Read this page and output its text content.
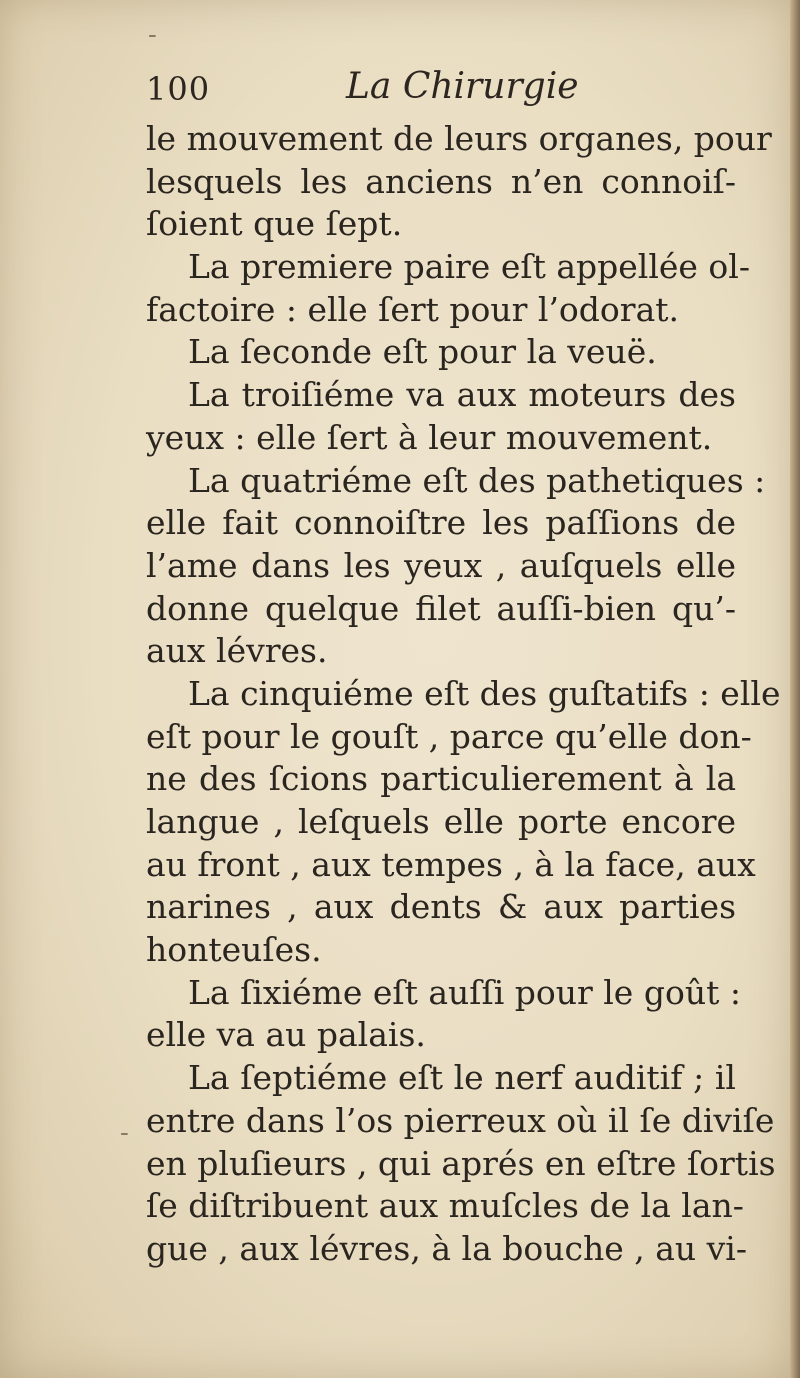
100	La Chirurgie
le mouvement de leurs organes, pour
lesquels les anciens n’en connoiſ-
ſoient que ſept.
La premiere paire eſt appellée ol-
factoire : elle ſert pour l’odorat.
La ſeconde eſt pour la veuë.
La troiſiéme va aux moteurs des
yeux : elle ſert à leur mouvement.
La quatriéme eſt des pathetiques :
elle fait connoiſtre les paſſions de
l’ame dans les yeux , auſquels elle
donne quelque filet auſſi-bien qu’-
aux lévres.
La cinquiéme eſt des guſtatifs : elle
eſt pour le gouſt , parce qu’elle don-
ne des ſcions particulierement à la
langue , leſquels elle porte encore
au front , aux tempes , à la face, aux
narines , aux dents & aux parties
honteuſes.
La ſixiéme eſt auſſi pour le goût :
elle va au palais.
La ſeptiéme eſt le nerf auditif ; il
entre dans l’os pierreux où il ſe diviſe
en pluſieurs , qui aprés en eſtre ſortis
ſe diſtribuent aux muſcles de la lan-
gue , aux lévres, à la bouche , au vi-
-
-
